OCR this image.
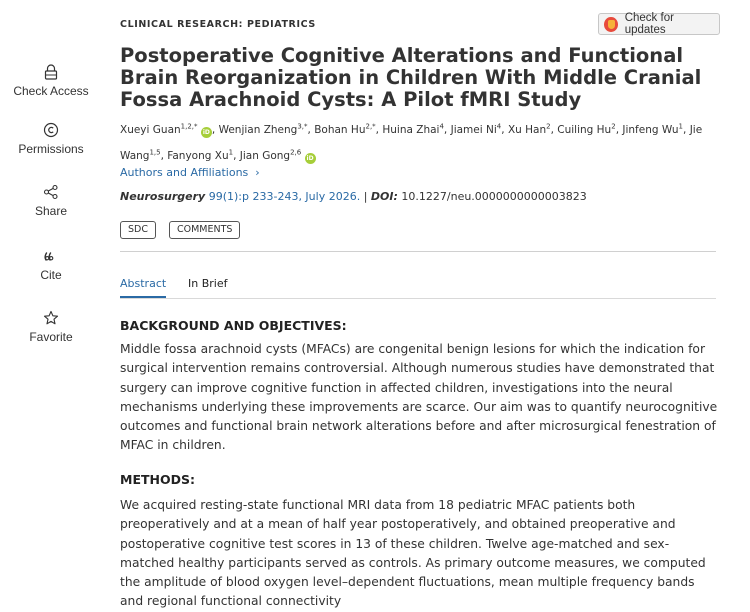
Check Access
Permissions
Share
Cite
Favorite
CLINICAL RESEARCH: PEDIATRICS
Check for updates
Postoperative Cognitive Alterations and Functional Brain Reorganization in Children With Middle Cranial Fossa Arachnoid Cysts: A Pilot fMRI Study
Xueyi Guan$^{1,2,*}$ iD , Wenjian Zheng$^{3,*}$, Bohan $Hu^{2,*}$, Huina Zhai$^4$, Jiamei Ni$^4$, Xu Han$^2$, Cuiling Hu$^2$, Jinfeng Wu$^1$, Jie Wang$^{1,5}$, Fanyong Xu$^1$, Jian Gong$^{2,6}$ iD
Authors and Affiliations  ›
Neurosurgery 99(1):p 233-243, July 2026. | DOI: 10.1227/neu.0000000000003823
SDC	COMMENTS
Abstract In Brief
BACKGROUND AND OBJECTIVES:

Middle fossa arachnoid cysts (MFACs) are congenital benign lesions for which the indication for surgical intervention remains controversial. Although numerous studies have demonstrated that surgery can improve cognitive function in affected children, investigations into the neural mechanisms underlying these improvements are scarce. Our aim was to quantify neurocognitive outcomes and functional brain network alterations before and after microsurgical fenestration of MFAC in children.

METHODS:

We acquired resting-state functional MRI data from 18 pediatric MFAC patients both preoperatively and at a mean of half year postoperatively, and obtained preoperative and postoperative cognitive test scores in 13 of these children. Twelve age-matched and sex-matched healthy participants served as controls. As primary outcome measures, we computed the amplitude of blood oxygen level–dependent fluctuations, mean multiple frequency bands and regional functional connectivity
